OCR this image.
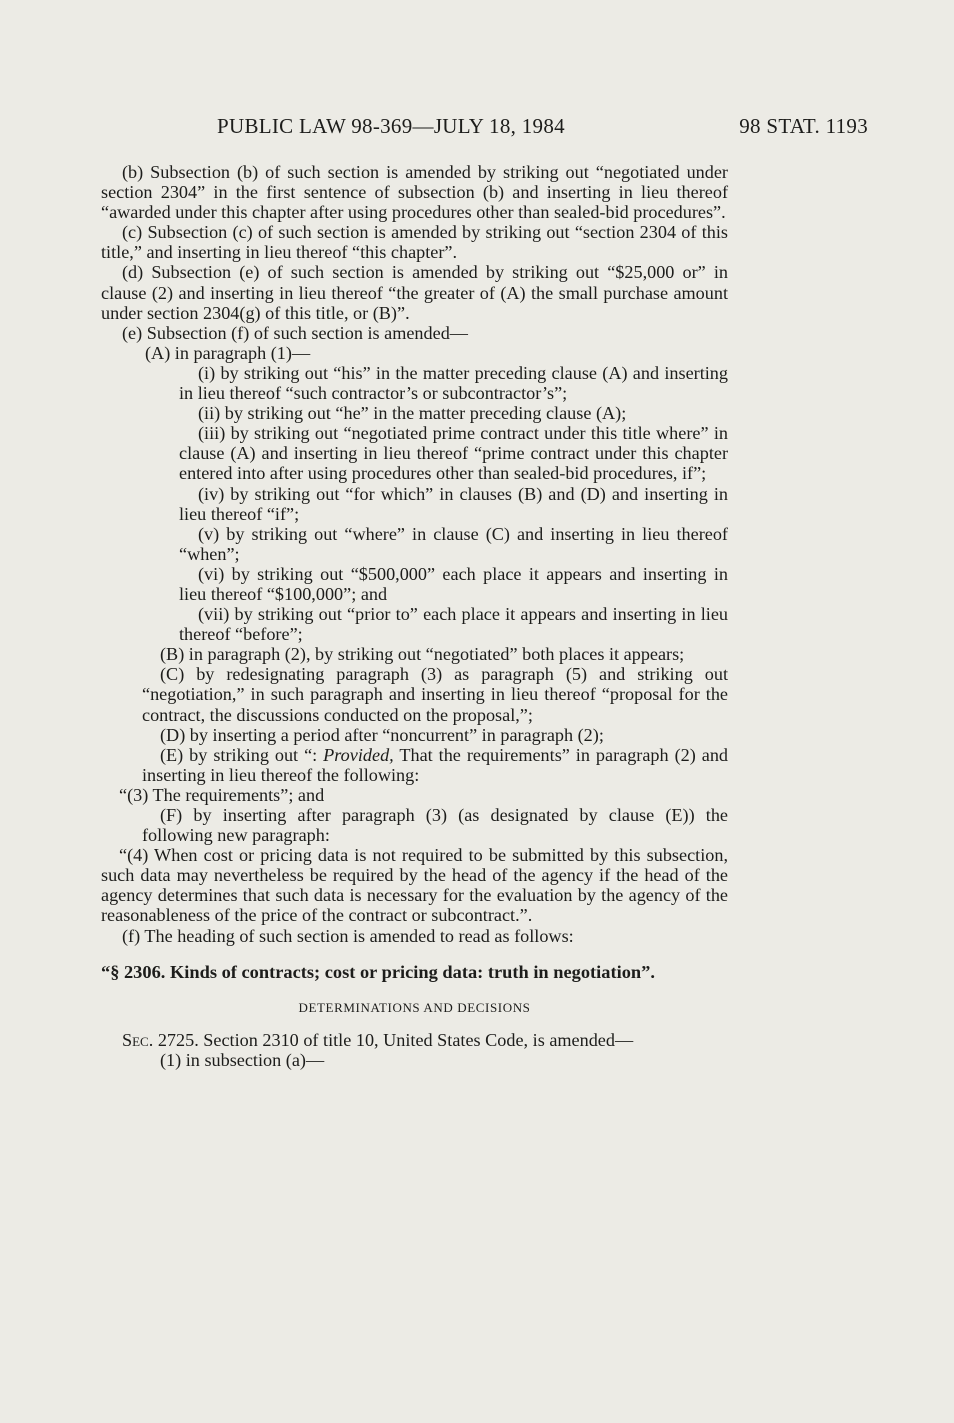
PUBLIC LAW 98-369—JULY 18, 1984	98 STAT. 1193

(b) Subsection (b) of such section is amended by striking out “negotiated under section 2304” in the first sentence of subsection (b) and inserting in lieu thereof “awarded under this chapter after using procedures other than sealed-bid procedures”.

(c) Subsection (c) of such section is amended by striking out “section 2304 of this title,” and inserting in lieu thereof “this chapter”.

(d) Subsection (e) of such section is amended by striking out “$25,000 or” in clause (2) and inserting in lieu thereof “the greater of (A) the small purchase amount under section 2304(g) of this title, or (B)”.

(e) Subsection (f) of such section is amended—

(A) in paragraph (1)—

(i) by striking out “his” in the matter preceding clause (A) and inserting in lieu thereof “such contractor’s or subcontractor’s”;

(ii) by striking out “he” in the matter preceding clause (A);

(iii) by striking out “negotiated prime contract under this title where” in clause (A) and inserting in lieu thereof “prime contract under this chapter entered into after using procedures other than sealed-bid procedures, if”;

(iv) by striking out “for which” in clauses (B) and (D) and inserting in lieu thereof “if”;

(v) by striking out “where” in clause (C) and inserting in lieu thereof “when”;

(vi) by striking out “$500,000” each place it appears and inserting in lieu thereof “$100,000”; and

(vii) by striking out “prior to” each place it appears and inserting in lieu thereof “before”;

(B) in paragraph (2), by striking out “negotiated” both places it appears;

(C) by redesignating paragraph (3) as paragraph (5) and striking out “negotiation,” in such paragraph and inserting in lieu thereof “proposal for the contract, the discussions conducted on the proposal,”;

(D) by inserting a period after “noncurrent” in paragraph (2);

(E) by striking out “: Provided, That the requirements” in paragraph (2) and inserting in lieu thereof the following:

“(3) The requirements”; and

(F) by inserting after paragraph (3) (as designated by clause (E)) the following new paragraph:

“(4) When cost or pricing data is not required to be submitted by this subsection, such data may nevertheless be required by the head of the agency if the head of the agency determines that such data is necessary for the evaluation by the agency of the reasonableness of the price of the contract or subcontract.”.

(f) The heading of such section is amended to read as follows:

“§ 2306. Kinds of contracts; cost or pricing data: truth in negotiation”.

DETERMINATIONS AND DECISIONS

Sec. 2725. Section 2310 of title 10, United States Code, is amended—

(1) in subsection (a)—
